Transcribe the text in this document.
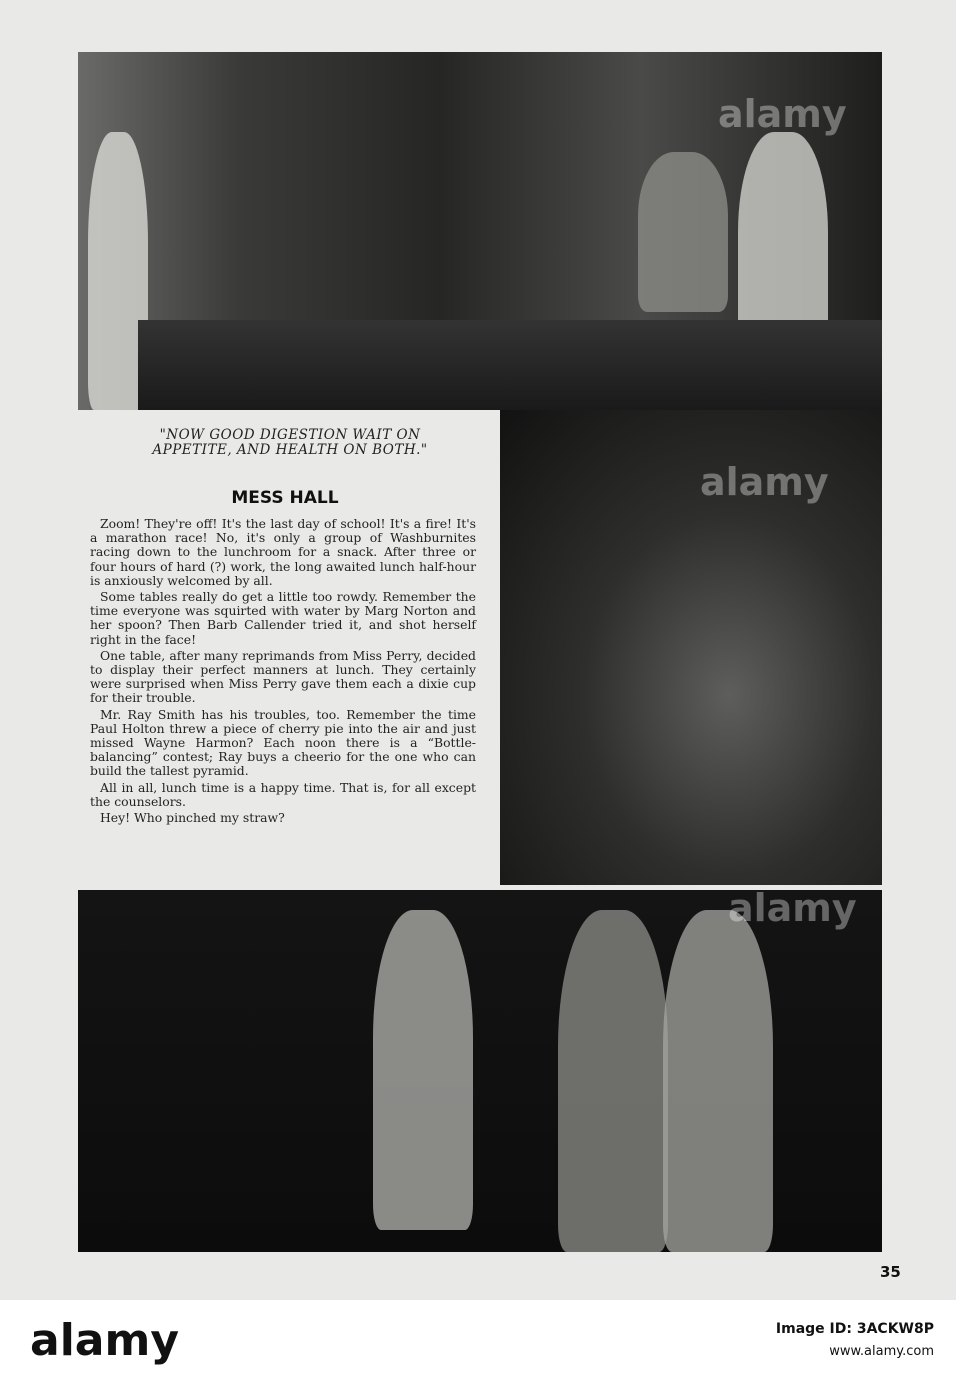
alamy
"NOW GOOD DIGESTION WAIT ON
APPETITE, AND HEALTH ON BOTH."
MESS HALL

Zoom! They're off! It's the last day of school! It's a fire! It's a marathon race! No, it's only a group of Washburnites racing down to the lunchroom for a snack. After three or four hours of hard (?) work, the long awaited lunch half-hour is anxiously welcomed by all.

Some tables really do get a little too rowdy. Remember the time everyone was squirted with water by Marg Norton and her spoon? Then Barb Callender tried it, and shot herself right in the face!

One table, after many reprimands from Miss Perry, decided to display their perfect manners at lunch. They certainly were surprised when Miss Perry gave them each a dixie cup for their trouble.

Mr. Ray Smith has his troubles, too. Remember the time Paul Holton threw a piece of cherry pie into the air and just missed Wayne Harmon? Each noon there is a “Bottle-balancing” contest; Ray buys a cheerio for the one who can build the tallest pyramid.

All in all, lunch time is a happy time. That is, for all except the counselors.

Hey! Who pinched my straw?

alamy
alamy
35
alamy	Image ID: 3ACKW8P
www.alamy.com
